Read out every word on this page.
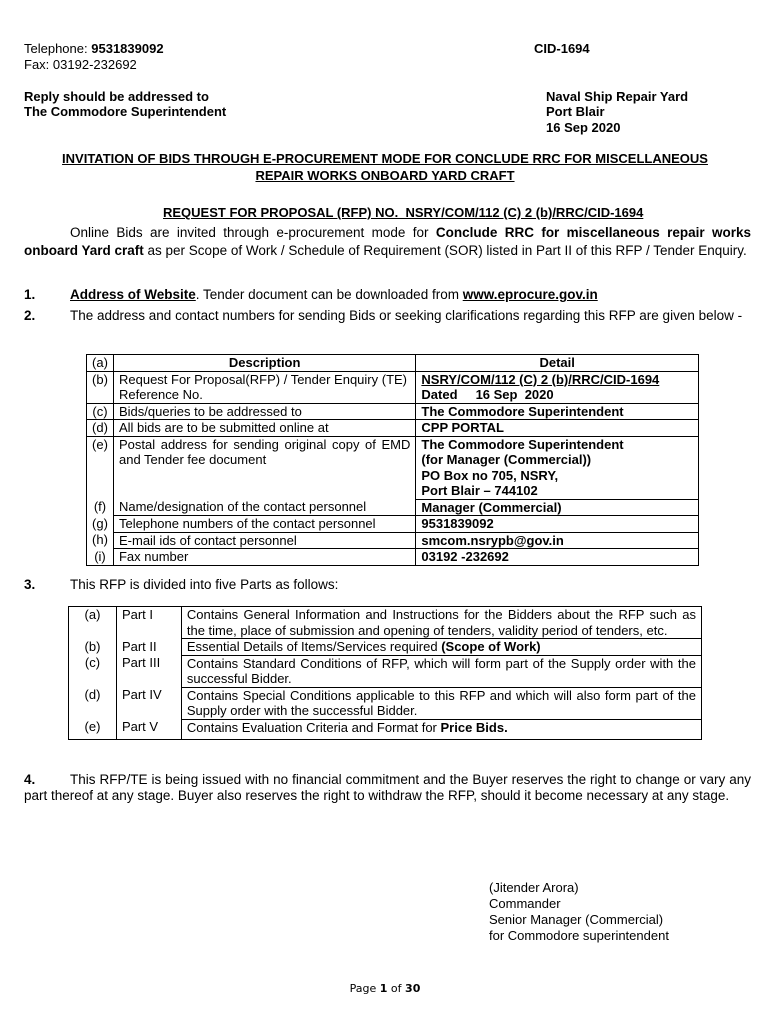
Telephone: 9531839092
Fax: 03192-232692
CID-1694
Reply should be addressed to
The Commodore Superintendent
Naval Ship Repair Yard
Port Blair
16 Sep 2020
INVITATION OF BIDS THROUGH E-PROCUREMENT MODE FOR CONCLUDE RRC FOR MISCELLANEOUS
REPAIR WORKS ONBOARD YARD CRAFT
REQUEST FOR PROPOSAL (RFP) NO.  NSRY/COM/112 (C) 2 (b)/RRC/CID-1694
Online Bids are invited through e-procurement mode for Conclude RRC for miscellaneous repair works onboard Yard craft as per Scope of Work / Schedule of Requirement (SOR) listed in Part II of this RFP / Tender Enquiry.
1.	Address of Website. Tender document can be downloaded from www.eprocure.gov.in
2.	The address and contact numbers for sending Bids or seeking clarifications regarding this RFP are given below -
(a)	Description	Detail
(b)	Request For Proposal(RFP) / Tender Enquiry (TE) Reference No.	NSRY/COM/112 (C) 2 (b)/RRC/CID-1694
Dated     16 Sep  2020

(c)	Bids/queries to be addressed to	The Commodore Superintendent
(d)	All bids are to be submitted online at	CPP PORTAL
(e)	Postal address for sending original copy of EMD and Tender fee document	The Commodore Superintendent
(for Manager (Commercial))
PO Box no 705, NSRY,
Port Blair – 744102

(f)	Name/designation of the contact personnel	Manager (Commercial)
(g)	Telephone numbers of the contact personnel	9531839092
(h)	E-mail ids of contact personnel	smcom.nsrypb@gov.in
(i)	Fax number	03192 -232692
3.	This RFP is divided into five Parts as follows:
(a)	Part I	Contains General Information and Instructions for the Bidders about the RFP such as the time, place of submission and opening of tenders, validity period of tenders, etc.
(b)	Part II	Essential Details of Items/Services required (Scope of Work)
(c)	Part III	Contains Standard Conditions of RFP, which will form part of the Supply order with the successful Bidder.
(d)	Part IV	Contains Special Conditions applicable to this RFP and which will also form part of the Supply order with the successful Bidder.
(e)	Part V	Contains Evaluation Criteria and Format for Price Bids.
4.	This RFP/TE is being issued with no financial commitment and the Buyer reserves the right to change or vary any part thereof at any stage. Buyer also reserves the right to withdraw the RFP, should it become necessary at any stage.
(Jitender Arora)
Commander
Senior Manager (Commercial)
for Commodore superintendent
Page 1 of 30
